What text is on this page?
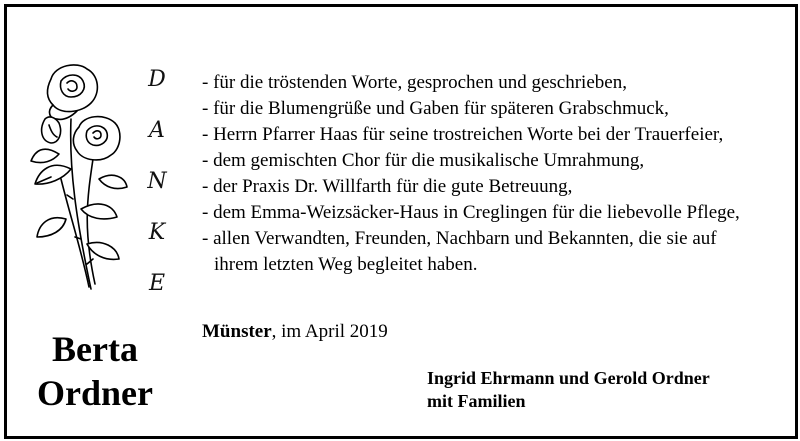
D
A
N
K
E
- für die tröstenden Worte, gesprochen und geschrieben,
- für die Blumengrüße und Gaben für späteren Grabschmuck,
- Herrn Pfarrer Haas für seine trostreichen Worte bei der Trauerfeier,
- dem gemischten Chor für die musikalische Umrahmung,
- der Praxis Dr. Willfarth für die gute Betreuung,
- dem Emma-Weizsäcker-Haus in Creglingen für die liebevolle Pflege,
- allen Verwandten, Freunden, Nachbarn und Bekannten, die sie auf
ihrem letzten Weg begleitet haben.
Münster, im April 2019
Berta
Ordner	Ingrid Ehrmann und Gerold Ordner
mit Familien
